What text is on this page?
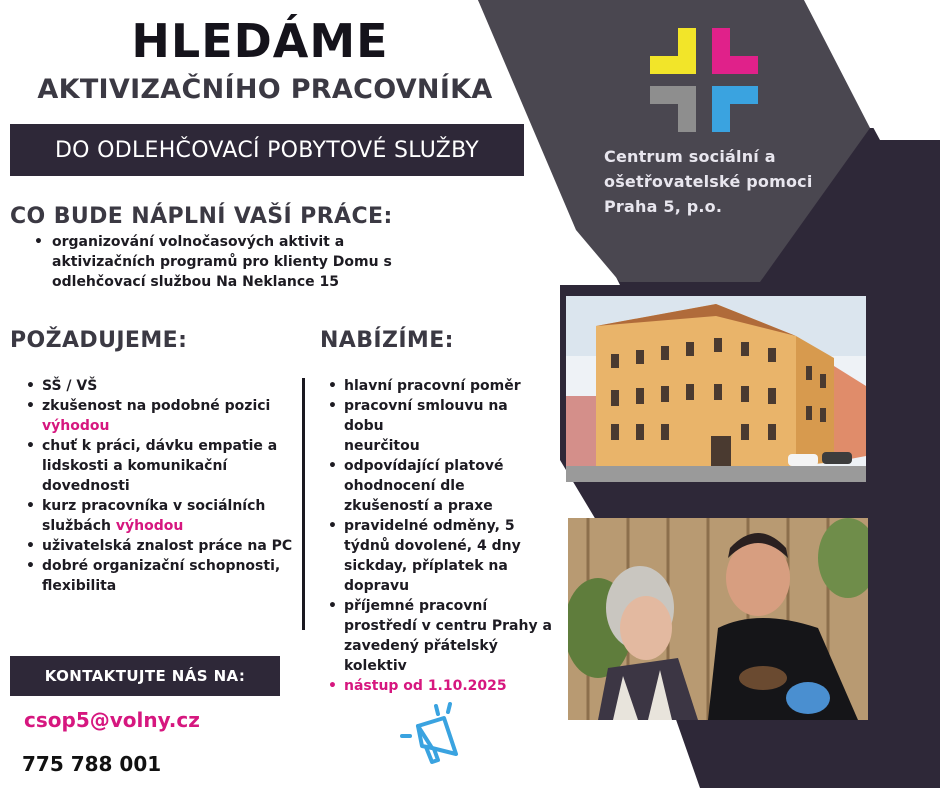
HLEDÁME
AKTIVIZAČNÍHO PRACOVNÍKA
DO ODLEHČOVACÍ POBYTOVÉ SLUŽBY
CO BUDE NÁPLNÍ VAŠÍ PRÁCE:
• organizování volnočasových aktivit a
aktivizačních programů pro klienty Domu s
odlehčovací službou Na Neklance 15
POŽADUJEME:
• SŠ / VŠ
• zkušenost na podobné pozici
výhodou
• chuť k práci, dávku empatie a
lidskosti a komunikační
dovednosti
• kurz pracovníka v sociálních
službách výhodou
• uživatelská znalost práce na PC
• dobré organizační schopnosti,
flexibilita
NABÍZÍME:
• hlavní pracovní poměr
• pracovní smlouvu na dobu
neurčitou
• odpovídající platové
ohodnocení dle
zkušeností a praxe
• pravidelné odměny, 5
týdnů dovolené, 4 dny
sickday, příplatek na
dopravu
• příjemné pracovní
prostředí v centru Prahy a
zavedený přátelský
kolektiv
• nástup od 1.10.2025
KONTAKTUJTE NÁS NA:
csop5@volny.cz
775 788 001
Centrum sociální a
ošetřovatelské pomoci
Praha 5, p.o.
